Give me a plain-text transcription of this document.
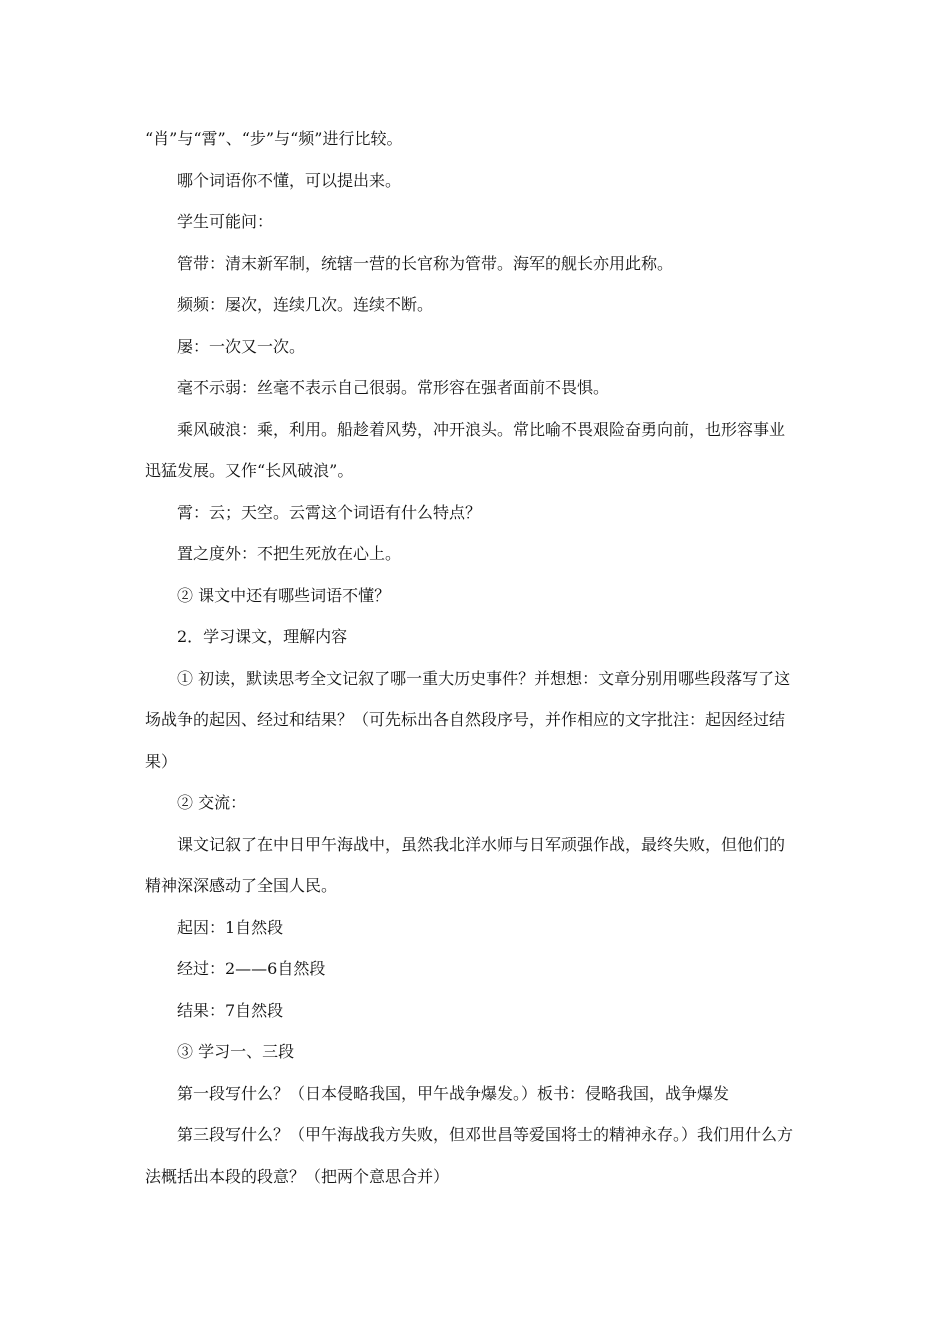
“肖”与“霄”、“步”与“频”进行比较。

哪个词语你不懂，可以提出来。

学生可能问：

管带：清末新军制，统辖一营的长官称为管带。海军的舰长亦用此称。

频频：屡次，连续几次。连续不断。

屡：一次又一次。

毫不示弱：丝毫不表示自己很弱。常形容在强者面前不畏惧。

乘风破浪：乘，利用。船趁着风势，冲开浪头。常比喻不畏艰险奋勇向前，也形容事业迅猛发展。又作“长风破浪”。

霄：云；天空。云霄这个词语有什么特点？

置之度外：不把生死放在心上。

② 课文中还有哪些词语不懂？

2．学习课文，理解内容

① 初读，默读思考全文记叙了哪一重大历史事件？并想想：文章分别用哪些段落写了这场战争的起因、经过和结果？（可先标出各自然段序号，并作相应的文字批注：起因经过结果）

② 交流：

课文记叙了在中日甲午海战中，虽然我北洋水师与日军顽强作战，最终失败，但他们的精神深深感动了全国人民。

起因：1自然段

经过：2——6自然段

结果：7自然段

③ 学习一、三段

第一段写什么？（日本侵略我国，甲午战争爆发。）板书：侵略我国，战争爆发

第三段写什么？（甲午海战我方失败，但邓世昌等爱国将士的精神永存。）我们用什么方法概括出本段的段意？（把两个意思合并）
